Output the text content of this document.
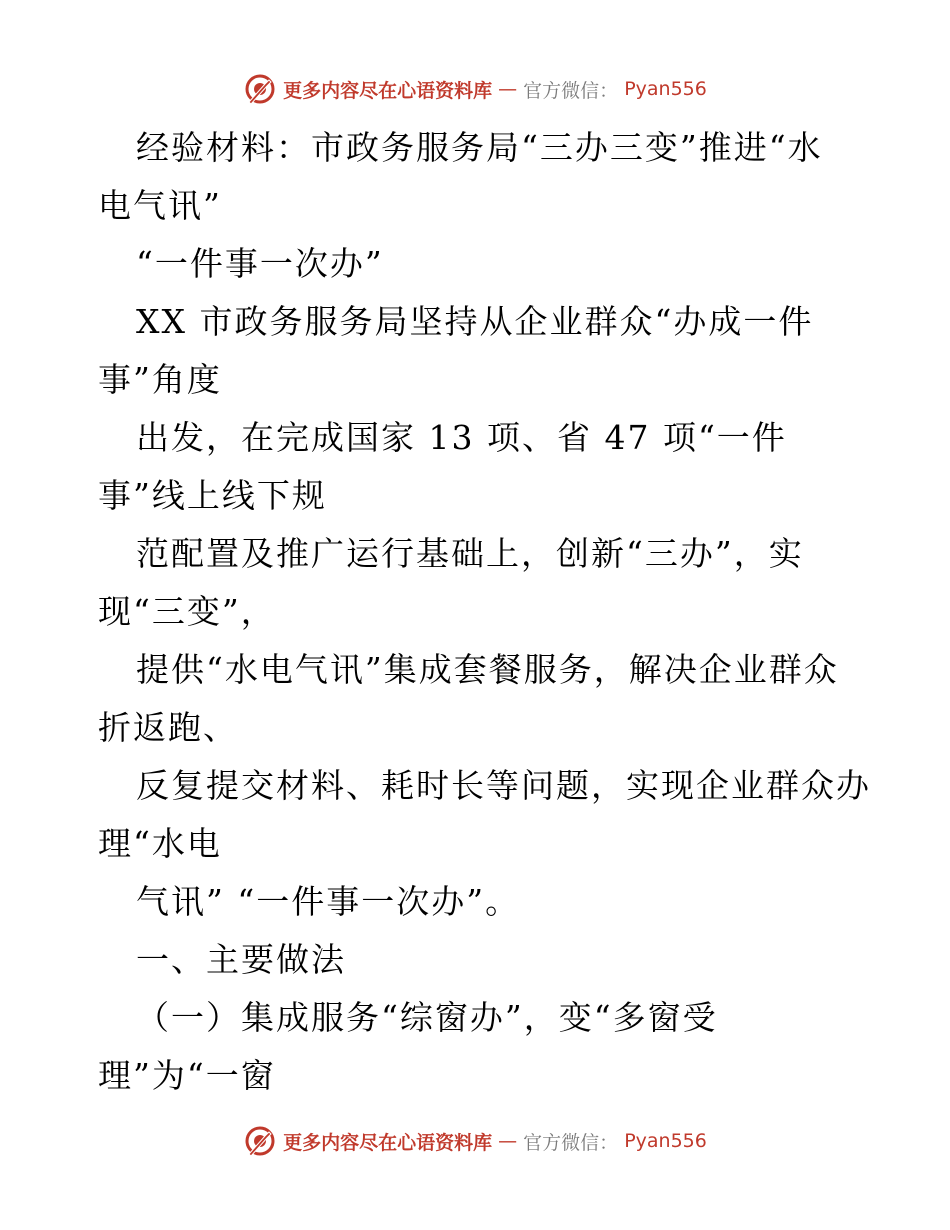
更多内容尽在心语资料库 — 官方微信： Pyan556
经验材料：市政务服务局“三办三变”推进“水
电气讯”
“一件事一次办”
XX 市政务服务局坚持从企业群众“办成一件
事”角度
出发，在完成国家 13 项、省 47 项“一件
事”线上线下规
范配置及推广运行基础上，创新“三办”，实
现“三变”，
提供“水电气讯”集成套餐服务，解决企业群众
折返跑、
反复提交材料、耗时长等问题，实现企业群众办
理“水电
气讯” “一件事一次办”。
一、主要做法
（一）集成服务“综窗办”，变“多窗受
理”为“一窗
更多内容尽在心语资料库 — 官方微信： Pyan556
